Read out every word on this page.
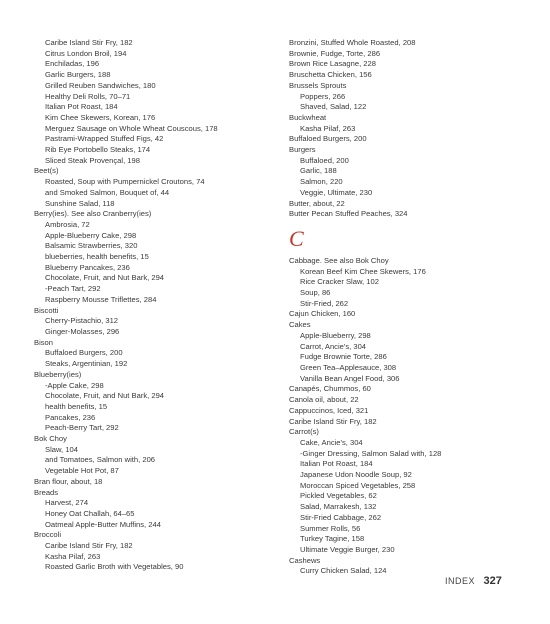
Caribe Island Stir Fry, 182
Citrus London Broil, 194
Enchiladas, 196
Garlic Burgers, 188
Grilled Reuben Sandwiches, 180
Healthy Deli Rolls, 70–71
Italian Pot Roast, 184
Kim Chee Skewers, Korean, 176
Merguez Sausage on Whole Wheat Couscous, 178
Pastrami-Wrapped Stuffed Figs, 42
Rib Eye Portobello Steaks, 174
Sliced Steak Provençal, 198
Beet(s)
Roasted, Soup with Pumpernickel Croutons, 74
and Smoked Salmon, Bouquet of, 44
Sunshine Salad, 118
Berry(ies). See also Cranberry(ies)
Ambrosia, 72
Apple-Blueberry Cake, 298
Balsamic Strawberries, 320
blueberries, health benefits, 15
Blueberry Pancakes, 236
Chocolate, Fruit, and Nut Bark, 294
-Peach Tart, 292
Raspberry Mousse Triflettes, 284
Biscotti
Cherry-Pistachio, 312
Ginger-Molasses, 296
Bison
Buffaloed Burgers, 200
Steaks, Argentinian, 192
Blueberry(ies)
-Apple Cake, 298
Chocolate, Fruit, and Nut Bark, 294
health benefits, 15
Pancakes, 236
Peach-Berry Tart, 292
Bok Choy
Slaw, 104
and Tomatoes, Salmon with, 206
Vegetable Hot Pot, 87
Bran flour, about, 18
Breads
Harvest, 274
Honey Oat Challah, 64–65
Oatmeal Apple-Butter Muffins, 244
Broccoli
Caribe Island Stir Fry, 182
Kasha Pilaf, 263
Roasted Garlic Broth with Vegetables, 90
Bronzini, Stuffed Whole Roasted, 208
Brownie, Fudge, Torte, 286
Brown Rice Lasagne, 228
Bruschetta Chicken, 156
Brussels Sprouts
Poppers, 266
Shaved, Salad, 122
Buckwheat
Kasha Pilaf, 263
Buffaloed Burgers, 200
Burgers
Buffaloed, 200
Garlic, 188
Salmon, 220
Veggie, Ultimate, 230
Butter, about, 22
Butter Pecan Stuffed Peaches, 324
C
Cabbage. See also Bok Choy
Korean Beef Kim Chee Skewers, 176
Rice Cracker Slaw, 102
Soup, 86
Stir-Fried, 262
Cajun Chicken, 160
Cakes
Apple-Blueberry, 298
Carrot, Ancie's, 304
Fudge Brownie Torte, 286
Green Tea–Applesauce, 308
Vanilla Bean Angel Food, 306
Canapés, Chummos, 60
Canola oil, about, 22
Cappuccinos, Iced, 321
Caribe Island Stir Fry, 182
Carrot(s)
Cake, Ancie's, 304
-Ginger Dressing, Salmon Salad with, 128
Italian Pot Roast, 184
Japanese Udon Noodle Soup, 92
Moroccan Spiced Vegetables, 258
Pickled Vegetables, 62
Salad, Marrakesh, 132
Stir-Fried Cabbage, 262
Summer Rolls, 56
Turkey Tagine, 158
Ultimate Veggie Burger, 230
Cashews
Curry Chicken Salad, 124
INDEX 327
